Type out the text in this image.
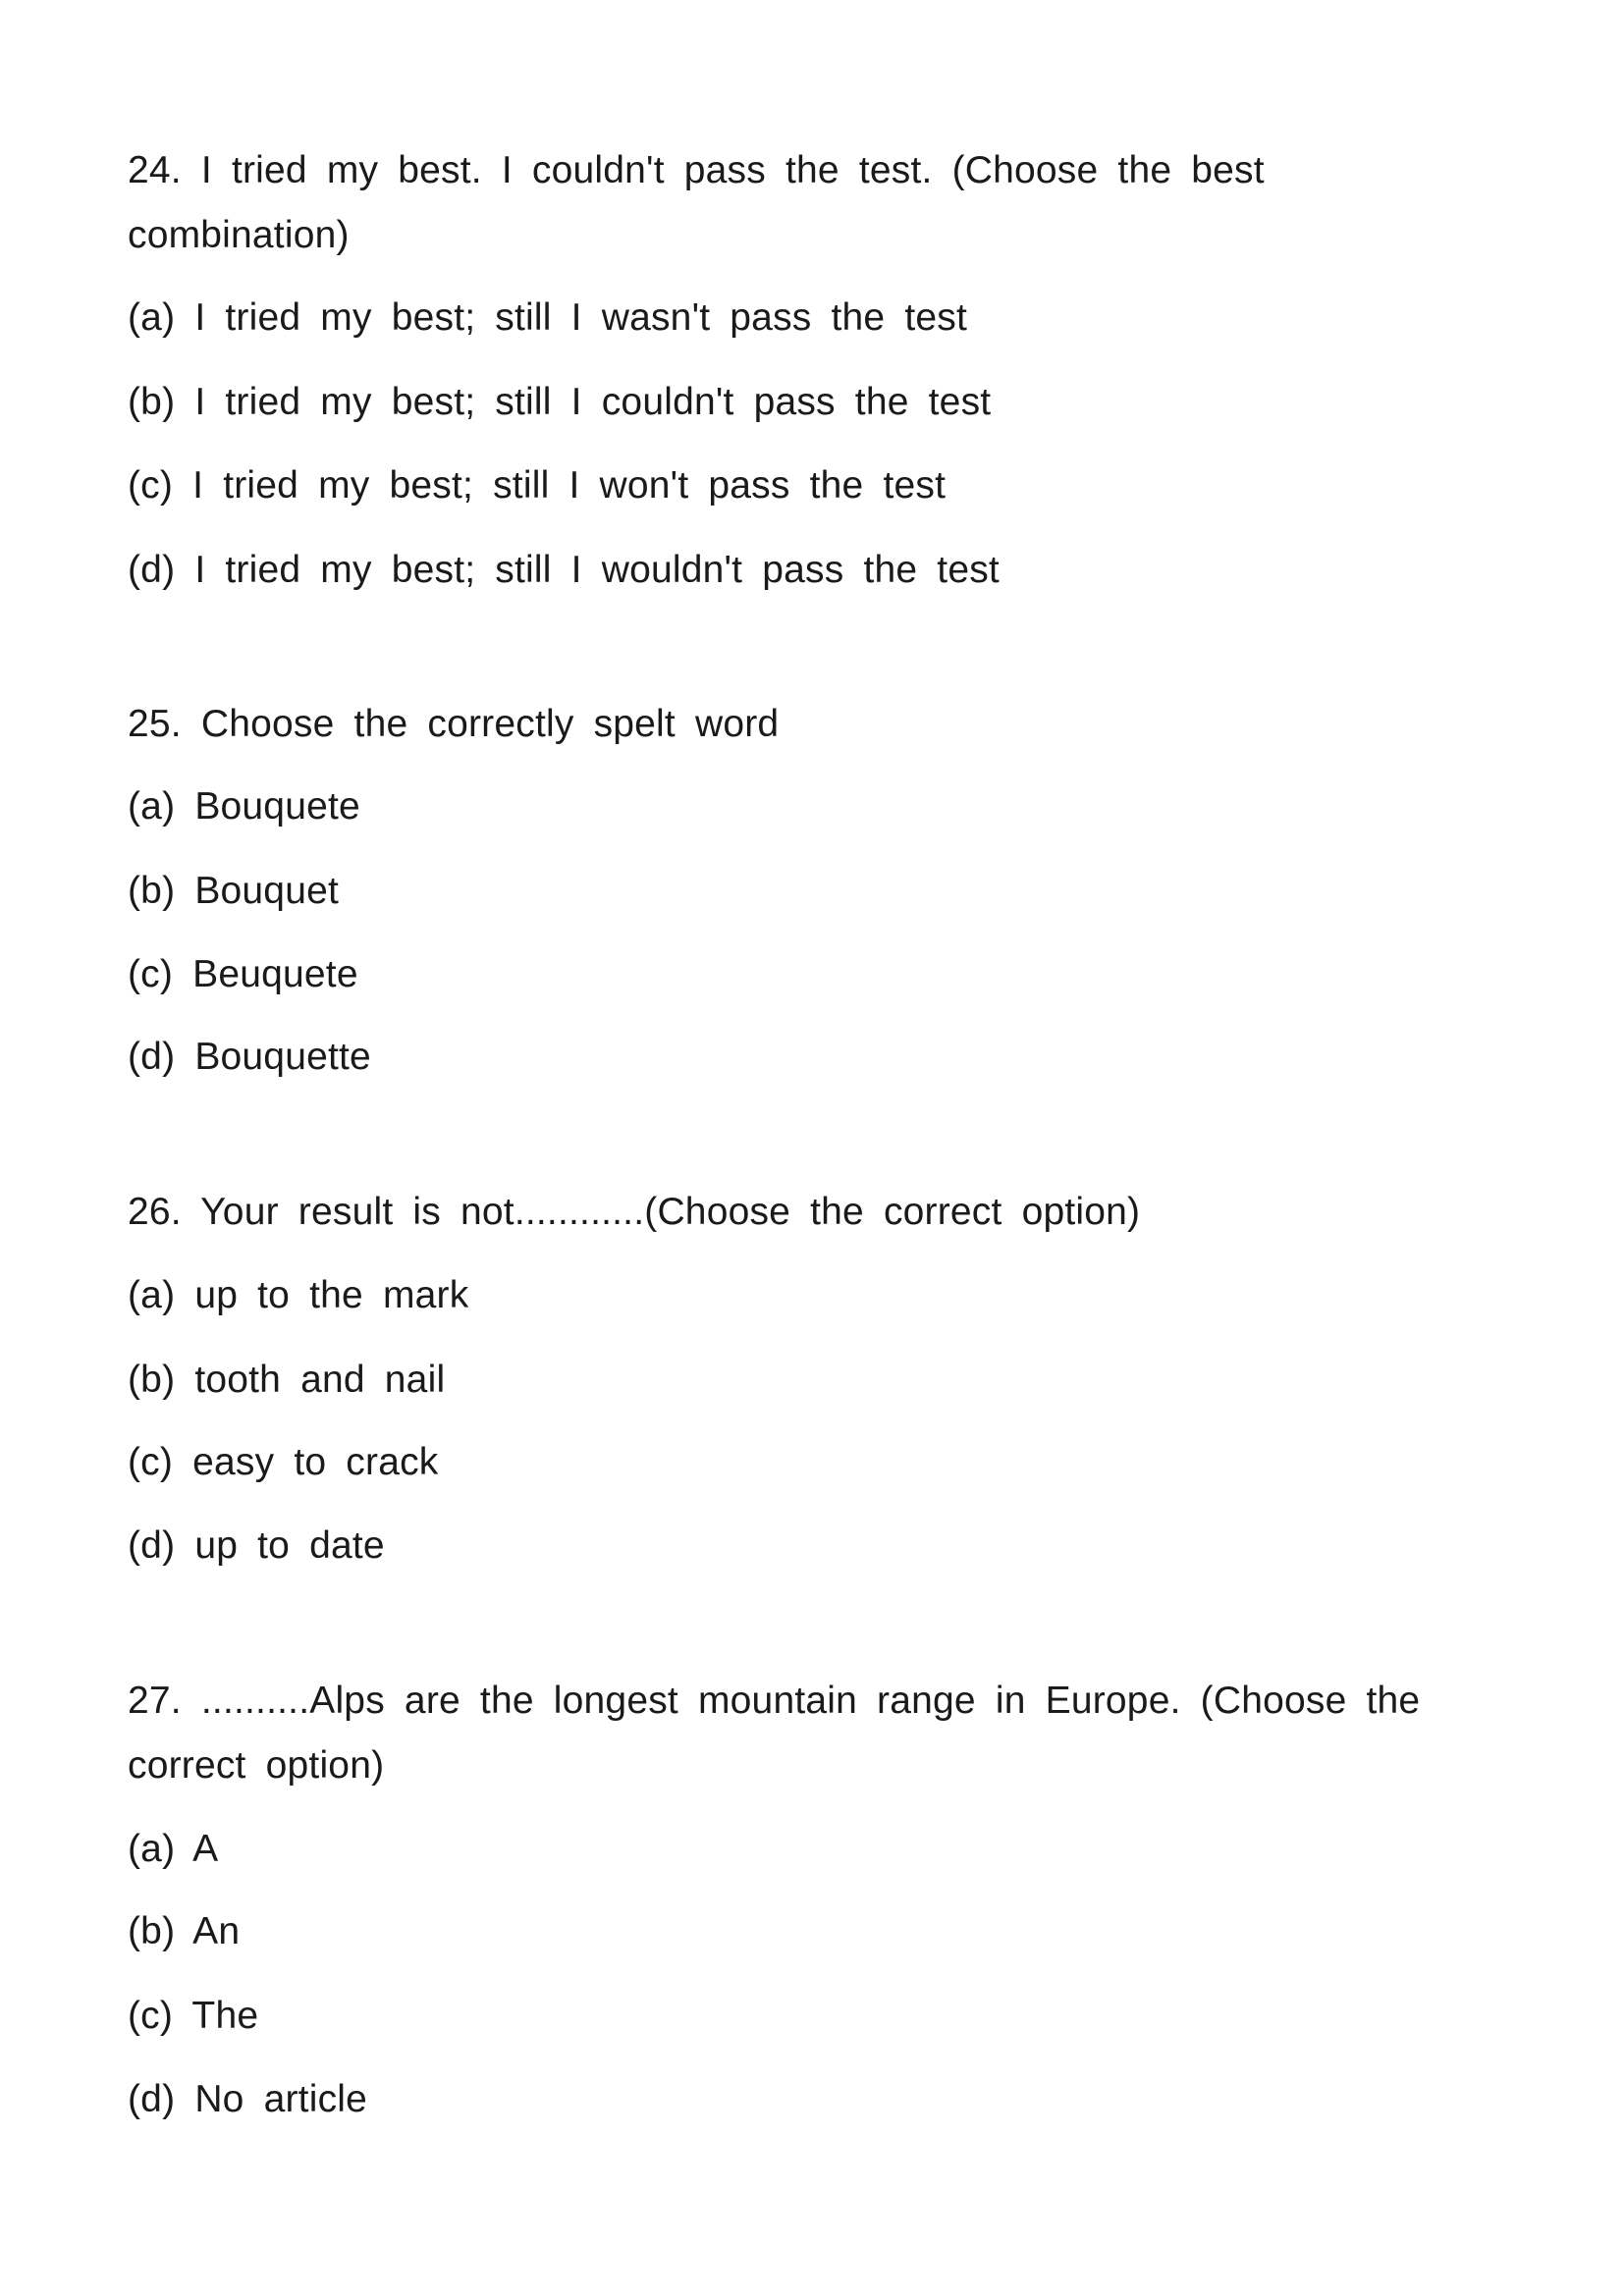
24. I tried my best. I couldn't pass the test. (Choose the best
combination)
(a) I tried my best; still I wasn't pass the test
(b) I tried my best; still I couldn't pass the test
(c) I tried my best; still I won't pass the test
(d) I tried my best; still I wouldn't pass the test
25. Choose the correctly spelt word
(a) Bouquete
(b) Bouquet
(c) Beuquete
(d) Bouquette
26. Your result is not............(Choose the correct option)
(a) up to the mark
(b) tooth and nail
(c) easy to crack
(d) up to date
27. ..........Alps are the longest mountain range in Europe. (Choose the
correct option)
(a) A
(b) An
(c) The
(d) No article
